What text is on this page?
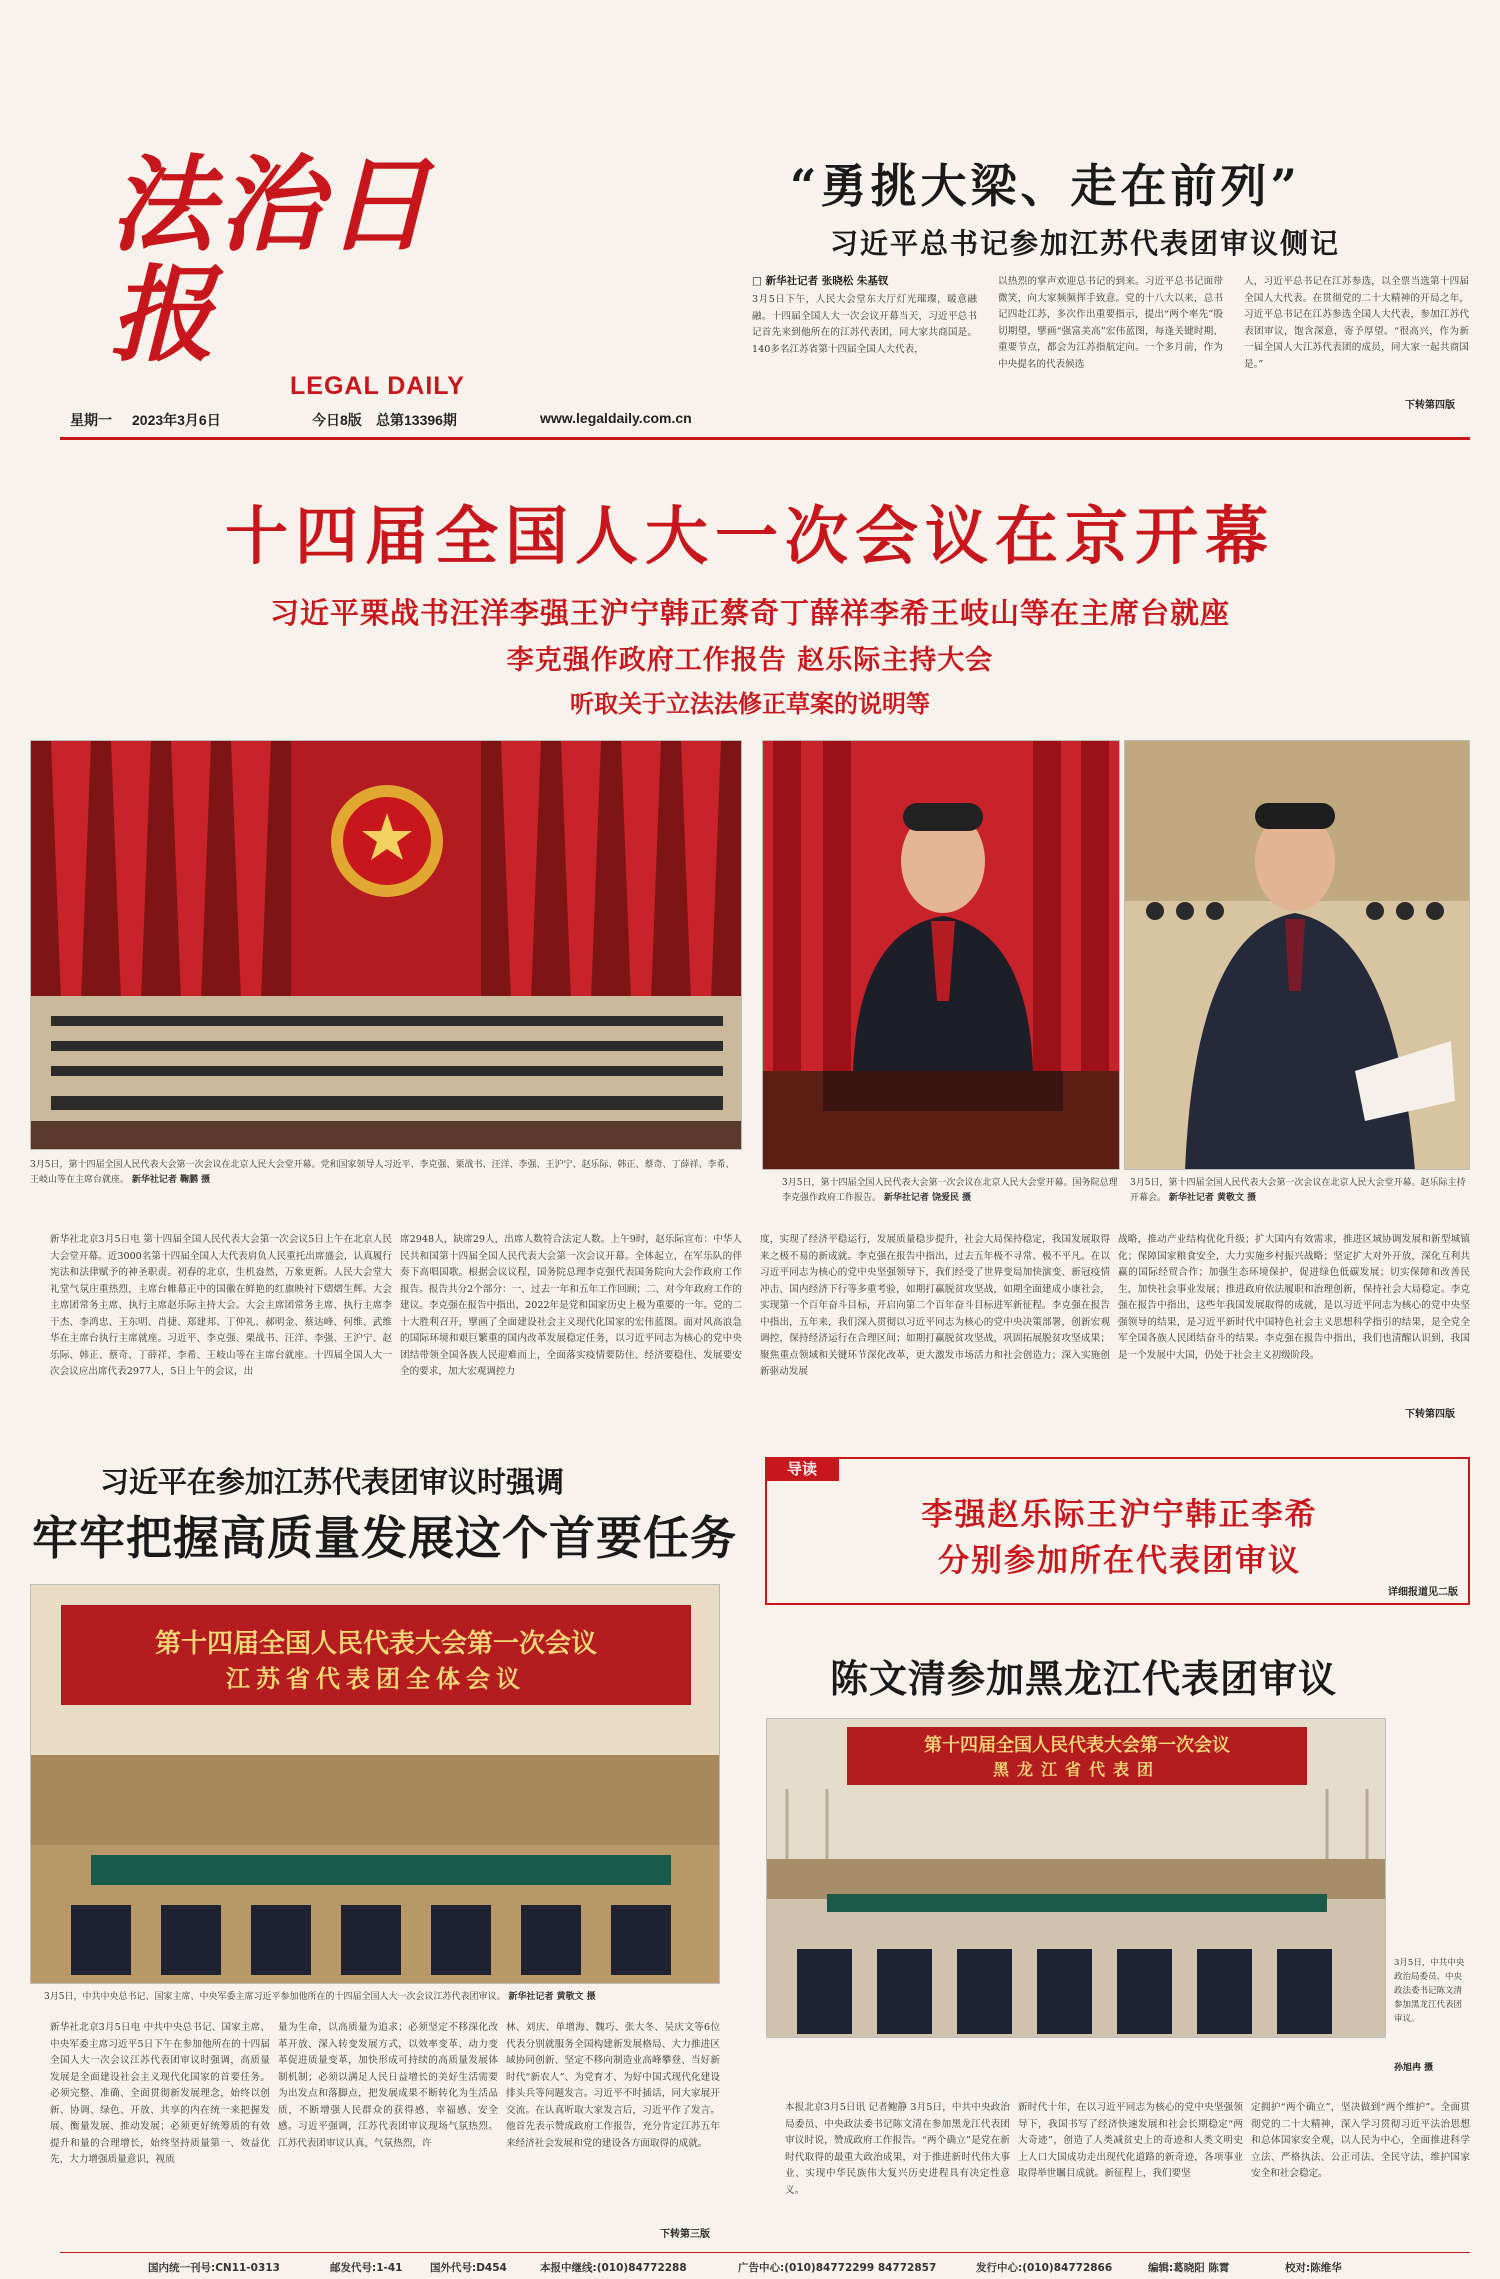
法治日报
LEGAL DAILY
星期一 2023年3月6日	今日8版 总第13396期	www.legaldaily.com.cn
“勇挑大梁、走在前列”
习近平总书记参加江苏代表团审议侧记
□ 新华社记者 张晓松 朱基钗
3月5日下午，人民大会堂东大厅灯光璀璨，暖意融融。十四届全国人大一次会议开幕当天，习近平总书记首先来到他所在的江苏代表团，同大家共商国是。140多名江苏省第十四届全国人大代表，
以热烈的掌声欢迎总书记的到来。习近平总书记面带微笑，向大家频频挥手致意。党的十八大以来，总书记四赴江苏，多次作出重要指示，提出“两个率先”殷切期望，擘画“强富美高”宏伟蓝图，每逢关键时期、重要节点，都会为江苏指航定向。一个多月前，作为中央提名的代表候选
人，习近平总书记在江苏参选，以全票当选第十四届全国人大代表。在贯彻党的二十大精神的开局之年，习近平总书记在江苏参选全国人大代表，参加江苏代表团审议，饱含深意，寄予厚望。“很高兴，作为新一届全国人大江苏代表团的成员，同大家一起共商国是。”
下转第四版
十四届全国人大一次会议在京开幕
习近平栗战书汪洋李强王沪宁韩正蔡奇丁薛祥李希王岐山等在主席台就座
李克强作政府工作报告 赵乐际主持大会
听取关于立法法修正草案的说明等
3月5日，第十四届全国人民代表大会第一次会议在北京人民大会堂开幕。党和国家领导人习近平、李克强、栗战书、汪洋、李强、王沪宁、赵乐际、韩正、蔡奇、丁薛祥、李希、王岐山等在主席台就座。 新华社记者 鞠鹏 摄	3月5日，第十四届全国人民代表大会第一次会议在北京人民大会堂开幕。国务院总理李克强作政府工作报告。 新华社记者 饶爱民 摄
3月5日，第十四届全国人民代表大会第一次会议在北京人民大会堂开幕。赵乐际主持开幕会。 新华社记者 黄敬文 摄
新华社北京3月5日电 第十四届全国人民代表大会第一次会议5日上午在北京人民大会堂开幕。近3000名第十四届全国人大代表肩负人民重托出席盛会，认真履行宪法和法律赋予的神圣职责。初春的北京，生机盎然，万象更新。人民大会堂大礼堂气氛庄重热烈，主席台帷幕正中的国徽在鲜艳的红旗映衬下熠熠生辉。大会主席团常务主席、执行主席赵乐际主持大会。大会主席团常务主席、执行主席李干杰、李鸿忠、王东明、肖捷、郑建邦、丁仲礼、郝明金、蔡达峰、何维、武维华在主席台执行主席就座。习近平、李克强、栗战书、汪洋、李强、王沪宁、赵乐际、韩正、蔡奇、丁薛祥、李希、王岐山等在主席台就座。十四届全国人大一次会议应出席代表2977人，5日上午的会议，出
席2948人，缺席29人，出席人数符合法定人数。上午9时，赵乐际宣布：中华人民共和国第十四届全国人民代表大会第一次会议开幕。全体起立，在军乐队的伴奏下高唱国歌。根据会议议程，国务院总理李克强代表国务院向大会作政府工作报告。报告共分2个部分：一、过去一年和五年工作回顾；二、对今年政府工作的建议。李克强在报告中指出，2022年是党和国家历史上极为重要的一年。党的二十大胜利召开，擘画了全面建设社会主义现代化国家的宏伟蓝图。面对风高浪急的国际环境和艰巨繁重的国内改革发展稳定任务，以习近平同志为核心的党中央团结带领全国各族人民迎难而上，全面落实疫情要防住、经济要稳住、发展要安全的要求，加大宏观调控力
度，实现了经济平稳运行，发展质量稳步提升，社会大局保持稳定，我国发展取得来之极不易的新成就。李克强在报告中指出，过去五年极不寻常、极不平凡。在以习近平同志为核心的党中央坚强领导下，我们经受了世界变局加快演变、新冠疫情冲击、国内经济下行等多重考验，如期打赢脱贫攻坚战，如期全面建成小康社会，实现第一个百年奋斗目标，开启向第二个百年奋斗目标进军新征程。李克强在报告中指出，五年来，我们深入贯彻以习近平同志为核心的党中央决策部署，创新宏观调控，保持经济运行在合理区间；如期打赢脱贫攻坚战，巩固拓展脱贫攻坚成果；聚焦重点领域和关键环节深化改革，更大激发市场活力和社会创造力；深入实施创新驱动发展
战略，推动产业结构优化升级；扩大国内有效需求，推进区域协调发展和新型城镇化；保障国家粮食安全，大力实施乡村振兴战略；坚定扩大对外开放，深化互利共赢的国际经贸合作；加强生态环境保护，促进绿色低碳发展；切实保障和改善民生，加快社会事业发展；推进政府依法履职和治理创新，保持社会大局稳定。李克强在报告中指出，这些年我国发展取得的成就，是以习近平同志为核心的党中央坚强领导的结果，是习近平新时代中国特色社会主义思想科学指引的结果，是全党全军全国各族人民团结奋斗的结果。李克强在报告中指出，我们也清醒认识到，我国是一个发展中大国，仍处于社会主义初级阶段。
下转第四版
习近平在参加江苏代表团审议时强调
牢牢把握高质量发展这个首要任务
第十四届全国人民代表大会第一次会议
江苏省代表团全体会议
3月5日，中共中央总书记、国家主席、中央军委主席习近平参加他所在的十四届全国人大一次会议江苏代表团审议。 新华社记者 黄敬文 摄
新华社北京3月5日电 中共中央总书记、国家主席、中央军委主席习近平5日下午在参加他所在的十四届全国人大一次会议江苏代表团审议时强调，高质量发展是全面建设社会主义现代化国家的首要任务。必须完整、准确、全面贯彻新发展理念，始终以创新、协调、绿色、开放、共享的内在统一来把握发展、衡量发展、推动发展；必须更好统筹质的有效提升和量的合理增长，始终坚持质量第一、效益优先，大力增强质量意识，视质
量为生命，以高质量为追求；必须坚定不移深化改革开放、深入转变发展方式，以效率变革、动力变革促进质量变革，加快形成可持续的高质量发展体制机制；必须以满足人民日益增长的美好生活需要为出发点和落脚点，把发展成果不断转化为生活品质，不断增强人民群众的获得感、幸福感、安全感。习近平强调，江苏代表团审议现场气氛热烈。江苏代表团审议认真，气氛热烈，许
林、刘庆、单增海、魏巧、张大冬、吴庆文等6位代表分别就服务全国构建新发展格局、大力推进区域协同创新、坚定不移向制造业高峰攀登、当好新时代“新农人”、为党育才、为好中国式现代化建设排头兵等问题发言。习近平不时插话，同大家展开交流。在认真听取大家发言后，习近平作了发言。他首先表示赞成政府工作报告，充分肯定江苏五年来经济社会发展和党的建设各方面取得的成就。
下转第三版
导读
李强赵乐际王沪宁韩正李希
分别参加所在代表团审议
详细报道见二版
陈文清参加黑龙江代表团审议
第十四届全国人民代表大会第一次会议
黑龙江省代表团
3月5日，中共中央政治局委员、中央政法委书记陈文清参加黑龙江代表团审议。
孙旭冉 摄
本报北京3月5日讯 记者鲍静 3月5日，中共中央政治局委员、中央政法委书记陈文清在参加黑龙江代表团审议时说，赞成政府工作报告。“两个确立”是党在新时代取得的最重大政治成果，对于推进新时代伟大事业、实现中华民族伟大复兴历史进程具有决定性意义。
新时代十年，在以习近平同志为核心的党中央坚强领导下，我国书写了经济快速发展和社会长期稳定“两大奇迹”，创造了人类减贫史上的奇迹和人类文明史上人口大国成功走出现代化道路的新奇迹，各项事业取得举世瞩目成就。新征程上，我们要坚
定拥护“两个确立”，坚决做到“两个维护”。全面贯彻党的二十大精神，深入学习贯彻习近平法治思想和总体国家安全观，以人民为中心，全面推进科学立法、严格执法、公正司法、全民守法，维护国家安全和社会稳定。
国内统一刊号:CN11-0313	邮发代号:1-41	国外代号:D454	本报中继线:(010)84772288	广告中心:(010)84772299 84772857	发行中心:(010)84772866	编辑:葛晓阳 陈霄	校对:陈维华
